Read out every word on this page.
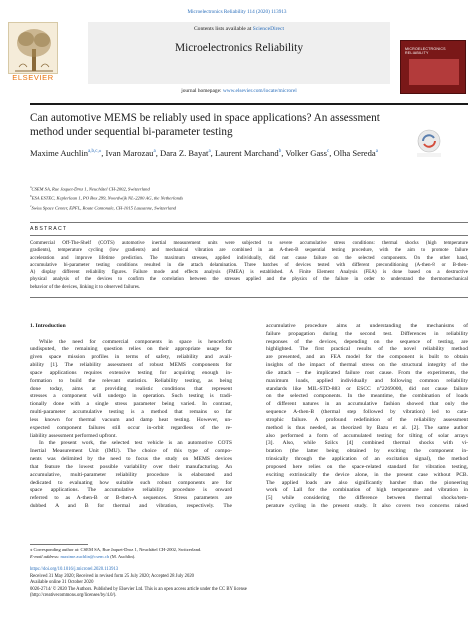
Microelectronics Reliability 114 (2020) 113913
ELSEVIER
Contents lists available at ScienceDirect
Microelectronics Reliability
journal homepage: www.elsevier.com/locate/microrel
MICROELECTRONICS RELIABILITY
Can automotive MEMS be reliably used in space applications? An assessment method under sequential bi-parameter testing
Maxime Auchlin$^{a,b,c,⁎}$, Ivan Marozau$^a$, Dara Z. Bayat$^a$, Laurent Marchand$^b$, Volker Gass$^c$, Olha Sereda$^a$
$^a$CSEM SA, Rue Jaquet-Droz 1, Neuchâtel CH-2002, Switzerland
$^b$ESA ESTEC, Keplerlaan 1, PO Box 299, Noordwijk NL-2200 AG, the Netherlands
$^c$Swiss Space Center, EPFL, Route Cantonale, CH-1015 Lausanne, Switzerland
ABSTRACT
Commercial Off-The-Shelf (COTS) automotive inertial measurement units were subjected to severe accumulative stress conditions: thermal shocks (high temperature
gradients), temperature cycling (low gradients) and mechanical vibration are combined in an A-then-B sequential testing procedure, with the aim to promote failure
acceleration and improve lifetime prediction. The maximum stresses, applied individually, did not cause failure on the selected components. On the other hand,
accumulative bi-parameter testing conditions resulted in die attach delamination. Three batches of devices tested with different preconditioning (A-then-8 or B-then-
A) display different reliability figures. Failure mode and effects analysis (FMEA) is established. A Finite Element Analysis (FEA) is done based on a destructive
physical analysis of the devices to confirm the correlation between the stresses applied and the physics of the failure in order to understand the thermomechanical
behavior of the devices, linking it to observed failures.
1. Introduction
While the need for commercial components in space is henceforth
undisputed, the remaining question relies on their appropriate usage for
given space mission profiles in terms of safety, reliability and avail-
ability [1]. The reliability assessment of robust MEMS components for
space applications requires extensive testing for acquiring enough in-
formation to build the relevant statistics. Reliability testing, as being
done today, aims at providing realistic conditions that represent
stresses a component will undergo in operation. Such testing is tradi-
tionally done with a single stress parameter being varied. In contrast,
multi-parameter accumulative testing is a method that remains so far
less known for thermal vacuum and damp heat testing. However, un-
expected component failures still occur in-orbit regardless of the re-
liability assessment performed upfront.
In the present work, the selected test vehicle is an automotive COTS
Inertial Measurement Unit (IMU). The choice of this type of compo-
nents was delimited by the need to focus the study on MEMS devices
that feature the lowest possible variability over their manufacturing. An
accumulative, multi-parameter reliability procedure is elaborated and
dedicated to evaluating how suitable such robust components are for
space applications. The accumulative reliability procedure is onward
referred to as A-then-B or B-then-A sequences. Stress parameters are
dubbed A and B for thermal and vibration, respectively. The
accumulative procedure aims at understanding the mechanisms of
failure propagation during the second test. Differences in reliability
responses of the devices, depending on the sequence of testing, are
highlighted. The first practical results of the novel reliability method
are presented, and an FEA model for the component is built to obtain
insights of the impact of thermal stress on the structural integrity of the
die attach – the implicated failure root cause. From the experiments, the
maximum loads, applied individually and following common reliability
standards like MIL-STD-883 or ESCC n°2269000, did not cause failure
on the selected components. In the meantime, the combination of loads
of different natures in an accumulative fashion showed that only the
sequence A-then-B (thermal step followed by vibration) led to cata-
strophic failure. A profound redefinition of the reliability assessment
method is thus needed, as theorized by Bazu et al. [2]. The same author
also performed a form of accumulated testing for tilting of solar arrays
[3]. Also, while Szilcs [4] combined thermal shocks with vi-
bration (the latter being obtained by exciting the component in-
trinsically through the application of an excitation signal), the method
proposed here relies on the space-related standard for vibration testing,
exciting extrinsically the device alone, in the present case without PCB.
The applied loads are also significantly harsher than the pioneering
work of Lall for the combination of high temperature and vibration in
[5] while considering the difference between thermal shocks/tem-
perature cycling in the present study. It also covers two concerns raised
⁎ Corresponding author at: CSEM SA, Rue Jaquet-Droz 1, Neuchâtel CH-2002, Switzerland.
E-mail address: maxime.auchlin@csem.ch (M. Auchlin).
https://doi.org/10.1016/j.microrel.2020.113913
Received 31 May 2020; Received in revised form 25 July 2020; Accepted 28 July 2020
Available online 31 October 2020
0026-2714/ © 2020 The Authors. Published by Elsevier Ltd. This is an open access article under the CC BY license
(http://creativecommons.org/licenses/by/4.0/).
